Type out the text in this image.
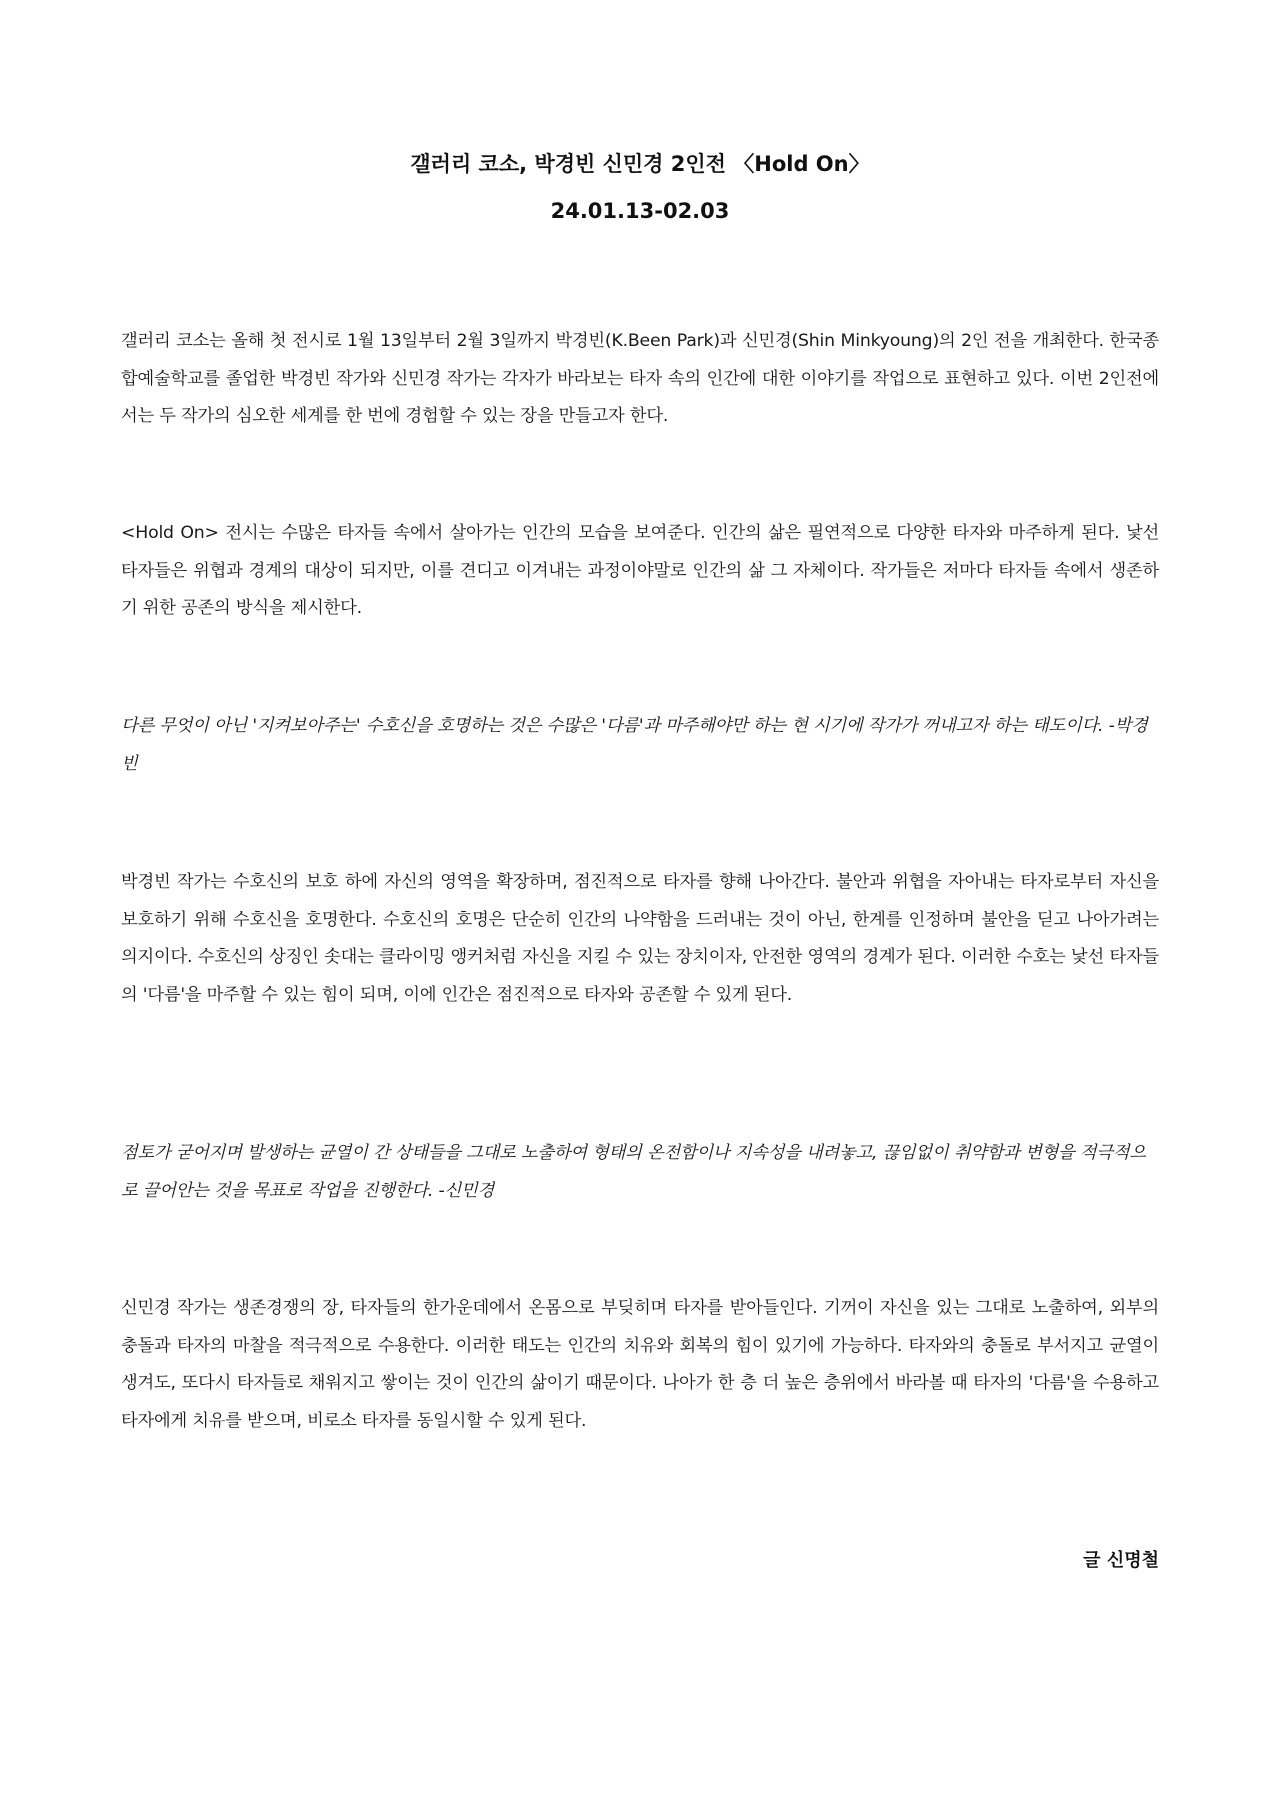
갤러리 코소, 박경빈 신민경 2인전 〈Hold On〉

24.01.13-02.03

갤러리 코소는 올해 첫 전시로 1월 13일부터 2월 3일까지 박경빈(K.Been Park)과 신민경(Shin Minkyoung)의 2인 전을 개최한다. 한국종합예술학교를 졸업한 박경빈 작가와 신민경 작가는 각자가 바라보는 타자 속의 인간에 대한 이야기를 작업으로 표현하고 있다. 이번 2인전에서는 두 작가의 심오한 세계를 한 번에 경험할 수 있는 장을 만들고자 한다.

<Hold On> 전시는 수많은 타자들 속에서 살아가는 인간의 모습을 보여준다. 인간의 삶은 필연적으로 다양한 타자와 마주하게 된다. 낯선 타자들은 위협과 경계의 대상이 되지만, 이를 견디고 이겨내는 과정이야말로 인간의 삶 그 자체이다. 작가들은 저마다 타자들 속에서 생존하기 위한 공존의 방식을 제시한다.

다른 무엇이 아닌 '지켜보아주는' 수호신을 호명하는 것은 수많은 '다름'과 마주해야만 하는 현 시기에 작가가 꺼내고자 하는 태도이다. -박경빈

박경빈 작가는 수호신의 보호 하에 자신의 영역을 확장하며, 점진적으로 타자를 향해 나아간다. 불안과 위협을 자아내는 타자로부터 자신을 보호하기 위해 수호신을 호명한다. 수호신의 호명은 단순히 인간의 나약함을 드러내는 것이 아닌, 한계를 인정하며 불안을 딛고 나아가려는 의지이다. 수호신의 상징인 솟대는 클라이밍 앵커처럼 자신을 지킬 수 있는 장치이자, 안전한 영역의 경계가 된다. 이러한 수호는 낯선 타자들의 '다름'을 마주할 수 있는 힘이 되며, 이에 인간은 점진적으로 타자와 공존할 수 있게 된다.

점토가 굳어지며 발생하는 균열이 간 상태들을 그대로 노출하여 형태의 온전함이나 지속성을 내려놓고, 끊임없이 취약함과 변형을 적극적으로 끌어안는 것을 목표로 작업을 진행한다. -신민경

신민경 작가는 생존경쟁의 장, 타자들의 한가운데에서 온몸으로 부딪히며 타자를 받아들인다. 기꺼이 자신을 있는 그대로 노출하여, 외부의 충돌과 타자의 마찰을 적극적으로 수용한다. 이러한 태도는 인간의 치유와 회복의 힘이 있기에 가능하다. 타자와의 충돌로 부서지고 균열이 생겨도, 또다시 타자들로 채워지고 쌓이는 것이 인간의 삶이기 때문이다. 나아가 한 층 더 높은 층위에서 바라볼 때 타자의 '다름'을 수용하고 타자에게 치유를 받으며, 비로소 타자를 동일시할 수 있게 된다.

글 신명철
